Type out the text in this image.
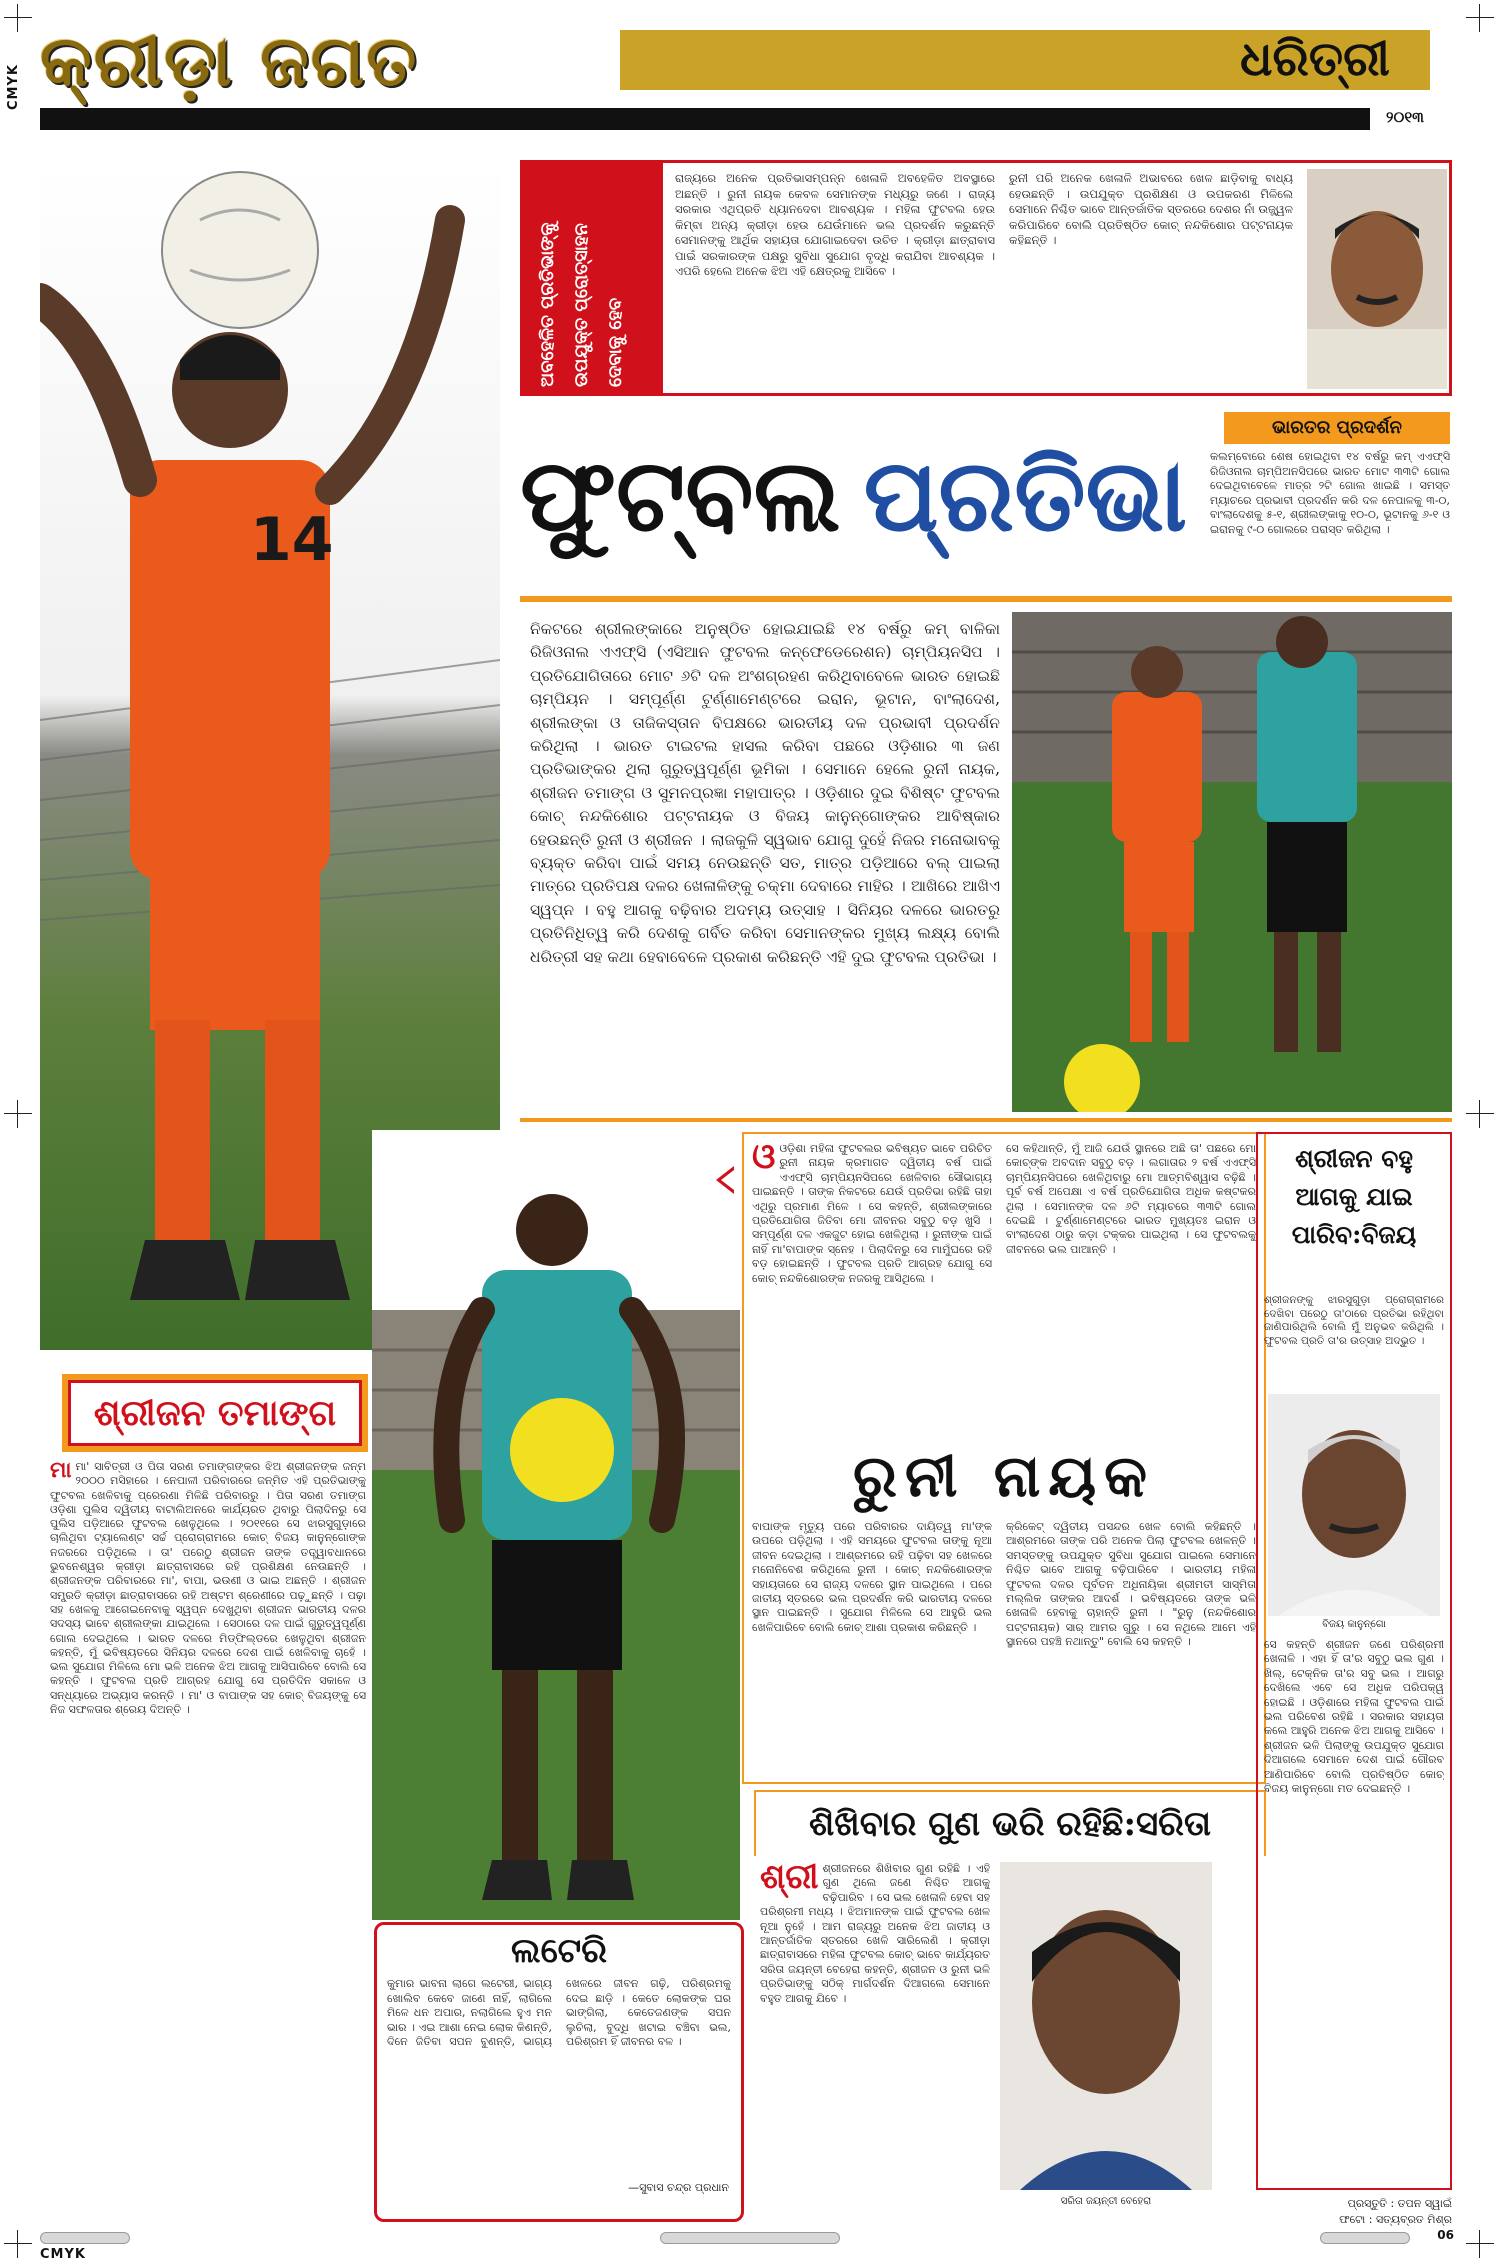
CMYK
CMYK
କ୍ରୀଡ଼ା ଜଗତ	ଧରିତ୍ରୀ
୨୦୧୩
14
ଅବହେଳିତ ପ୍ରତିଭାଙ୍କୁ ଉପଯୁକ୍ତ ପ୍ରୋତ୍ସାହନ ଦେବାକୁ ହେବ
ରାଜ୍ୟରେ ଅନେକ ପ୍ରତିଭାସମ୍ପନ୍ନ ଖେଳାଳି ଅବହେଳିତ ଅବସ୍ଥାରେ ଅଛନ୍ତି । ରୁନୀ ନାୟକ କେବଳ ସେମାନଙ୍କ ମଧ୍ୟରୁ ଜଣେ । ରାଜ୍ୟ ସରକାର ଏଥିପ୍ରତି ଧ୍ୟାନଦେବା ଆବଶ୍ୟକ । ମହିଳା ଫୁଟବଲ ହେଉ କିମ୍ବା ଅନ୍ୟ କ୍ରୀଡ଼ା ହେଉ ଯେଉଁମାନେ ଭଲ ପ୍ରଦର୍ଶନ କରୁଛନ୍ତି ସେମାନଙ୍କୁ ଆର୍ଥିକ ସହାୟତା ଯୋଗାଇଦେବା ଉଚିତ । କ୍ରୀଡ଼ା ଛାତ୍ରାବାସ ପାଇଁ ସରକାରଙ୍କ ପକ୍ଷରୁ ସୁବିଧା ସୁଯୋଗ ବୃଦ୍ଧି କରାଯିବା ଆବଶ୍ୟକ । ଏପରି ହେଲେ ଅନେକ ଝିଅ ଏହି କ୍ଷେତ୍ରକୁ ଆସିବେ ।
ରୁନୀ ପରି ଅନେକ ଖେଳାଳି ଅଭାବରେ ଖେଳ ଛାଡ଼ିବାକୁ ବାଧ୍ୟ ହେଉଛନ୍ତି । ଉପଯୁକ୍ତ ପ୍ରଶିକ୍ଷଣ ଓ ଉପକରଣ ମିଳିଲେ ସେମାନେ ନିଶ୍ଚିତ ଭାବେ ଆନ୍ତର୍ଜାତିକ ସ୍ତରରେ ଦେଶର ନାଁ ଉଜ୍ଜ୍ୱଳ କରିପାରିବେ ବୋଲି ପ୍ରତିଷ୍ଠିତ କୋଚ୍ ନନ୍ଦକିଶୋର ପଟ୍ଟନାୟକ କହିଛନ୍ତି ।
ଫୁଟ୍‌ବଲ ପ୍ରତିଭା
ଭାରତର ପ୍ରଦର୍ଶନ
କଲମ୍ବୋରେ ଶେଷ ହୋଇଥିବା ୧୪ ବର୍ଷରୁ କମ୍ ଏଏଫ୍‌ସି ରିଜିଓନାଲ ଚାମ୍ପିଅନସିପରେ ଭାରତ ମୋଟ ୩୩ଟି ଗୋଲ ଦେଇଥିବାବେଳେ ମାତ୍ର ୨ଟି ଗୋଲ ଖାଇଛି । ସମସ୍ତ ମ୍ୟାଚରେ ପ୍ରଭାବୀ ପ୍ରଦର୍ଶନ କରି ଦଳ ନେପାଳକୁ ୩-୦, ବାଂଲାଦେଶକୁ ୫-୧, ଶ୍ରୀଲଙ୍କାକୁ ୧୦-୦, ଭୂଟାନକୁ ୬-୧ ଓ ଇରାନକୁ ୯-୦ ଗୋଲରେ ପରାସ୍ତ କରିଥିଲା ।
ନିକଟରେ ଶ୍ରୀଲଙ୍କାରେ ଅନୁଷ୍ଠିତ ହୋଇଯାଇଛି ୧୪ ବର୍ଷରୁ କମ୍ ବାଳିକା ରିଜିଓନାଲ ଏଏଫ୍‌ସି (ଏସିଆନ ଫୁଟବଲ କନ୍‌ଫେଡେରେଶନ) ଚାମ୍ପିୟନସିପ । ପ୍ରତିଯୋଗିତାରେ ମୋଟ ୬ଟି ଦଳ ଅଂଶଗ୍ରହଣ କରିଥିବାବେଳେ ଭାରତ ହୋଇଛି ଚାମ୍ପିୟନ । ସମ୍ପୂର୍ଣ୍ଣ ଟୁର୍ଣ୍ଣାମେଣ୍ଟରେ ଇରାନ, ଭୂଟାନ, ବାଂଲାଦେଶ, ଶ୍ରୀଲଙ୍କା ଓ ତାଜିକସ୍ତାନ ବିପକ୍ଷରେ ଭାରତୀୟ ଦଳ ପ୍ରଭାବୀ ପ୍ରଦର୍ଶନ କରିଥିଲା । ଭାରତ ଟାଇଟଲ ହାସଲ କରିବା ପଛରେ ଓଡ଼ିଶାର ୩ ଜଣ ପ୍ରତିଭାଙ୍କର ଥିଲା ଗୁରୁତ୍ୱପୂର୍ଣ୍ଣ ଭୂମିକା । ସେମାନେ ହେଲେ ରୁନୀ ନାୟକ, ଶ୍ରୀଜନ ତମାଙ୍ଗ ଓ ସୁମନପ୍ରଜ୍ଞା ମହାପାତ୍ର । ଓଡ଼ିଶାର ଦୁଇ ବିଶିଷ୍ଟ ଫୁଟବଲ କୋଚ୍ ନନ୍ଦକିଶୋର ପଟ୍ଟନାୟକ ଓ ବିଜୟ କାନୁନ୍‌ଗୋଙ୍କର ଆବିଷ୍କାର ହେଉଛନ୍ତି ରୁନୀ ଓ ଶ୍ରୀଜନ । ଲାଜକୁଳି ସ୍ୱଭାବ ଯୋଗୁ ଦୁହେଁ ନିଜର ମନୋଭାବକୁ ବ୍ୟକ୍ତ କରିବା ପାଇଁ ସମୟ ନେଉଛନ୍ତି ସତ, ମାତ୍ର ପଡ଼ିଆରେ ବଲ୍ ପାଇଲା ମାତ୍ରେ ପ୍ରତିପକ୍ଷ ଦଳର ଖେଳାଳିଙ୍କୁ ଚକ୍‌ମା ଦେବାରେ ମାହିର । ଆଖିରେ ଆଖିଏ ସ୍ୱପ୍ନ । ବହୁ ଆଗକୁ ବଢ଼ିବାର ଅଦମ୍ୟ ଉତ୍ସାହ । ସିନିୟର ଦଳରେ ଭାରତରୁ ପ୍ରତିନିଧିତ୍ୱ କରି ଦେଶକୁ ଗର୍ବିତ କରିବା ସେମାନଙ୍କର ମୁଖ୍ୟ ଲକ୍ଷ୍ୟ ବୋଲି ଧରିତ୍ରୀ ସହ କଥା ହେବାବେଳେ ପ୍ରକାଶ କରିଛନ୍ତି ଏହି ଦୁଇ ଫୁଟବଲ ପ୍ରତିଭା ।
ଓଓଡ଼ିଶା ମହିଳା ଫୁଟବଲର ଭବିଷ୍ୟତ ଭାବେ ପରିଚିତ ରୁନୀ ନାୟକ କ୍ରମାଗତ ଦ୍ୱିତୀୟ ବର୍ଷ ପାଇଁ ଏଏଫ୍‌ସି ଚାମ୍ପିୟନସିପରେ ଖେଳିବାର ସୌଭାଗ୍ୟ ପାଇଛନ୍ତି । ତାଙ୍କ ନିକଟରେ ଯେଉଁ ପ୍ରତିଭା ରହିଛି ତାହା ଏଥିରୁ ପ୍ରମାଣ ମିଳେ । ସେ କହନ୍ତି, ଶ୍ରୀଲଙ୍କାରେ ପ୍ରତିଯୋଗିତା ଜିତିବା ମୋ ଜୀବନର ସବୁଠୁ ବଡ଼ ଖୁସି । ସମ୍ପୂର୍ଣ୍ଣ ଦଳ ଏକଜୁଟ ହୋଇ ଖେଳିଥିଲା । ରୁନୀଙ୍କ ପାଇଁ ନାହିଁ ମା'ବାପାଙ୍କ ସ୍ନେହ । ପିଲାଦିନରୁ ସେ ମାମୁଁଘରେ ରହି ବଡ଼ ହୋଇଛନ୍ତି । ଫୁଟବଲ ପ୍ରତି ଆଗ୍ରହ ଯୋଗୁ ସେ କୋଚ୍ ନନ୍ଦକିଶୋରଙ୍କ ନଜରକୁ ଆସିଥିଲେ ।
ସେ କହିଥାନ୍ତି, ମୁଁ ଆଜି ଯେଉଁ ସ୍ଥାନରେ ଅଛି ତା' ପଛରେ ମୋ କୋଚ୍‌ଙ୍କ ଅବଦାନ ସବୁଠୁ ବଡ଼ । ଲଗାତାର ୨ ବର୍ଷ ଏଏଫ୍‌ସି ଚାମ୍ପିୟନସିପରେ ଖେଳିଥିବାରୁ ମୋ ଆତ୍ମବିଶ୍ୱାସ ବଢ଼ିଛି । ପୂର୍ବ ବର୍ଷ ଅପେକ୍ଷା ଏ ବର୍ଷ ପ୍ରତିଯୋଗିତା ଅଧିକ କଷ୍ଟକର ଥିଲା । ସେମାନଙ୍କ ଦଳ ୬ଟି ମ୍ୟାଚରେ ୩୩ଟି ଗୋଲ ଦେଇଛି । ଟୁର୍ଣ୍ଣାମେଣ୍ଟରେ ଭାରତ ମୁଖ୍ୟତଃ ଇରାନ ଓ ବାଂଲାଦେଶ ଠାରୁ କଡ଼ା ଟକ୍କର ପାଇଥିଲା । ସେ ଫୁଟବଲକୁ ଜୀବନରେ ଭଲ ପାଆନ୍ତି ।
ରୁନୀ ନାୟକ
ବାପାଙ୍କ ମୃତ୍ୟୁ ପରେ ପରିବାରର ଦାୟିତ୍ୱ ମା'ଙ୍କ ଉପରେ ପଡ଼ିଥିଲା । ଏହି ସମୟରେ ଫୁଟବଲ ତାଙ୍କୁ ନୂଆ ଜୀବନ ଦେଇଥିଲା । ଆଶ୍ରମରେ ରହି ପଢ଼ିବା ସହ ଖେଳରେ ମନୋନିବେଶ କରିଥିଲେ ରୁନୀ । କୋଚ୍ ନନ୍ଦକିଶୋରଙ୍କ ସହାୟତାରେ ସେ ରାଜ୍ୟ ଦଳରେ ସ୍ଥାନ ପାଇଥିଲେ । ପରେ ଜାତୀୟ ସ୍ତରରେ ଭଲ ପ୍ରଦର୍ଶନ କରି ଭାରତୀୟ ଦଳରେ ସ୍ଥାନ ପାଇଛନ୍ତି । ସୁଯୋଗ ମିଳିଲେ ସେ ଆହୁରି ଭଲ ଖେଳିପାରିବେ ବୋଲି କୋଚ୍ ଆଶା ପ୍ରକାଶ କରିଛନ୍ତି ।
କ୍ରିକେଟ୍ ଦ୍ୱିତୀୟ ପସନ୍ଦର ଖେଳ ବୋଲି କହିଛନ୍ତି । ଆଶ୍ରମରେ ତାଙ୍କ ପରି ଅନେକ ପିଲା ଫୁଟବଲ ଖେଳନ୍ତି । ସମସ୍ତଙ୍କୁ ଉପଯୁକ୍ତ ସୁବିଧା ସୁଯୋଗ ପାଇଲେ ସେମାନେ ନିଶ୍ଚିତ ଭାବେ ଆଗକୁ ବଢ଼ିପାରିବେ । ଭାରତୀୟ ମହିଳା ଫୁଟବଲ ଦଳର ପୂର୍ବତନ ଅଧିନାୟିକା ଶ୍ରୀମତୀ ସାସ୍ମିତା ମଲ୍ଲିକ ତାଙ୍କର ଆଦର୍ଶ । ଭବିଷ୍ୟତରେ ତାଙ୍କ ଭଳି ଖେଳାଳି ହେବାକୁ ଚାହାନ୍ତି ରୁନୀ । "ରୁନୁ (ନନ୍ଦକିଶୋର ପଟ୍ଟନାୟକ) ସାର୍ ଆମର ଗୁରୁ । ସେ ନଥିଲେ ଆମେ ଏହି ସ୍ଥାନରେ ପହଞ୍ଚି ନଥାନ୍ତୁ" ବୋଲି ସେ କହନ୍ତି ।
ଶ୍ରୀଜନ ତମାଙ୍ଗ
ମାମା' ସାବିତ୍ରୀ ଓ ପିତା ସରଣ ତମାଙ୍ଗଙ୍କର ଝିଅ ଶ୍ରୀଜନଙ୍କ ଜନ୍ମ ୨୦୦୦ ମସିହାରେ । ନେପାଳୀ ପରିବାରରେ ଜନ୍ମିତ ଏହି ପ୍ରତିଭାଙ୍କୁ ଫୁଟବଲ ଖେଳିବାକୁ ପ୍ରେରଣା ମିଳିଛି ପରିବାରରୁ । ପିତା ସରଣ ତମାଙ୍ଗ ଓଡ଼ିଶା ପୁଲିସ ଦ୍ୱିତୀୟ ବାଟାଲିଅନରେ କାର୍ଯ୍ୟରତ ଥିବାରୁ ପିଲାଦିନରୁ ସେ ପୁଲିସ ପଡ଼ିଆରେ ଫୁଟବଲ ଖେଳୁଥିଲେ । ୨୦୧୧ରେ ସେ ଝାରସୁଗୁଡ଼ାରେ ଚାଲିଥିବା ଟ୍ୟାଲେଣ୍ଟ ସର୍ଚ୍ଚ ପ୍ରୋଗ୍ରାମରେ କୋଚ୍ ବିଜୟ କାନୁନ୍‌ଗୋଙ୍କ ନଜରରେ ପଡ଼ିଥିଲେ । ତା' ପରେଠୁ ଶ୍ରୀଜନ ତାଙ୍କ ତତ୍ତ୍ୱାବଧାନରେ ଭୁବନେଶ୍ୱର କ୍ରୀଡ଼ା ଛାତ୍ରାବାସରେ ରହି ପ୍ରଶିକ୍ଷଣ ନେଉଛନ୍ତି । ଶ୍ରୀଜନଙ୍କ ପରିବାରରେ ମା', ବାପା, ଭଉଣୀ ଓ ଭାଇ ଅଛନ୍ତି । ଶ୍ରୀଜନ ସମ୍ପ୍ରତି କ୍ରୀଡ଼ା ଛାତ୍ରାବାସରେ ରହି ଅଷ୍ଟମ ଶ୍ରେଣୀରେ ପଢ଼ୁଛନ୍ତି । ପଢ଼ା ସହ ଖେଳକୁ ଆଗେଇନେବାକୁ ସ୍ୱପ୍ନ ଦେଖୁଥିବା ଶ୍ରୀଜନ ଭାରତୀୟ ଦଳର ସଦସ୍ୟ ଭାବେ ଶ୍ରୀଲଙ୍କା ଯାଇଥିଲେ । ସେଠାରେ ଦଳ ପାଇଁ ଗୁରୁତ୍ୱପୂର୍ଣ୍ଣ ଗୋଲ ଦେଇଥିଲେ । ଭାରତ ଦଳରେ ମିଡ୍‌ଫିଲ୍ଡରେ ଖେଳୁଥିବା ଶ୍ରୀଜନ କହନ୍ତି, ମୁଁ ଭବିଷ୍ୟତରେ ସିନିୟର ଦଳରେ ଦେଶ ପାଇଁ ଖେଳିବାକୁ ଚାହେଁ । ଭଲ ସୁଯୋଗ ମିଳିଲେ ମୋ ଭଳି ଅନେକ ଝିଅ ଆଗକୁ ଆସିପାରିବେ ବୋଲି ସେ କହନ୍ତି । ଫୁଟବଲ ପ୍ରତି ଆଗ୍ରହ ଯୋଗୁ ସେ ପ୍ରତିଦିନ ସକାଳେ ଓ ସନ୍ଧ୍ୟାରେ ଅଭ୍ୟାସ କରନ୍ତି । ମା' ଓ ବାପାଙ୍କ ସହ କୋଚ୍ ବିଜୟଙ୍କୁ ସେ ନିଜ ସଫଳତାର ଶ୍ରେୟ ଦିଅନ୍ତି ।
ଲଟେରି
କୁମାର ଭାବନା ଲାଗେ ଲଟେରୀ, ଭାଗ୍ୟ ଖୋଲିବ କେବେ ଜାଣେ ନାହିଁ, ଲାଗିଲେ ମିଳେ ଧନ ଅପାର, ନଲାଗିଲେ ହୁଏ ମନ ଭାର । ଏଇ ଆଶା ନେଇ ଲୋକ କିଣନ୍ତି, ଦିନେ ଜିତିବା ସପନ ବୁଣନ୍ତି, ଭାଗ୍ୟ ଖେଳରେ ଜୀବନ ଗଢ଼ି, ପରିଶ୍ରମକୁ ଦେଇ ଛାଡ଼ି । କେତେ ଲୋକଙ୍କ ଘର ଭାଙ୍ଗିଲା, କେତେଜଣଙ୍କ ସପନ ଲୁଚିଲା, ବୁଦ୍ଧି ଖଟାଇ ବଞ୍ଚିବା ଭଲ, ପରିଶ୍ରମ ହିଁ ଜୀବନର ବଳ ।
—ସୁବାସ ଚନ୍ଦ୍ର ପ୍ରଧାନ
ଶିଖିବାର ଗୁଣ ଭରି ରହିଛି:ସରିତା
ଶ୍ରୀ ଶ୍ରୀଜନରେ ଶିଖିବାର ଗୁଣ ରହିଛି । ଏହି ଗୁଣ ଥିଲେ ଜଣେ ନିଶ୍ଚିତ ଆଗକୁ ବଢ଼ିପାରିବ । ସେ ଭଲ ଖେଳାଳି ହେବା ସହ ପରିଶ୍ରମୀ ମଧ୍ୟ । ଝିଅମାନଙ୍କ ପାଇଁ ଫୁଟବଲ ଖେଳ ନୂଆ ନୁହେଁ । ଆମ ରାଜ୍ୟରୁ ଅନେକ ଝିଅ ଜାତୀୟ ଓ ଆନ୍ତର୍ଜାତିକ ସ୍ତରରେ ଖେଳି ସାରିଲେଣି । କ୍ରୀଡ଼ା ଛାତ୍ରାବାସରେ ମହିଳା ଫୁଟବଲ କୋଚ୍ ଭାବେ କାର୍ଯ୍ୟରତ ସରିତା ଜୟନ୍ତୀ ବେହେରା କହନ୍ତି, ଶ୍ରୀଜନ ଓ ରୁନୀ ଭଳି ପ୍ରତିଭାଙ୍କୁ ସଠିକ୍ ମାର୍ଗଦର୍ଶନ ଦିଆଗଲେ ସେମାନେ ବହୁତ ଆଗକୁ ଯିବେ ।
ସରିତା ଜୟନ୍ତୀ ବେହେରା
ଶ୍ରୀଜନ ବହୁ ଆଗକୁ ଯାଇ ପାରିବ:ବିଜୟ
ଶ୍ରୀଜନଙ୍କୁ ଝାରସୁଗୁଡ଼ା ପ୍ରୋଗ୍ରାମରେ ଦେଖିବା ପରେଠୁ ତା'ଠାରେ ପ୍ରତିଭା ରହିଥିବା ଜାଣିପାରିଥିଲି ବୋଲି ମୁଁ ଅନୁଭବ କରିଥିଲି । ଫୁଟବଲ ପ୍ରତି ତା'ର ଉତ୍ସାହ ଅଦ୍ଭୁତ ।
ବିଜୟ କାନୁନ୍‌ଗୋ
ସେ କହନ୍ତି ଶ୍ରୀଜନ ଜଣେ ପରିଶ୍ରମୀ ଖେଳାଳି । ଏହା ହିଁ ତା'ର ସବୁଠୁ ଭଲ ଗୁଣ । ଖିଲ୍, ଟେକ୍‌ନିକ ତା'ର ସବୁ ଭଲ । ଆଗରୁ ଦେଖିଲେ ଏବେ ସେ ଅଧିକ ପରିପକ୍ୱ ହୋଇଛି । ଓଡ଼ିଶାରେ ମହିଳା ଫୁଟବଲ ପାଇଁ ଭଲ ପରିବେଶ ରହିଛି । ସରକାର ସହାୟତା କଲେ ଆହୁରି ଅନେକ ଝିଅ ଆଗକୁ ଆସିବେ । ଶ୍ରୀଜନ ଭଳି ପିଲାଙ୍କୁ ଉପଯୁକ୍ତ ସୁଯୋଗ ଦିଆଗଲେ ସେମାନେ ଦେଶ ପାଇଁ ଗୌରବ ଆଣିପାରିବେ ବୋଲି ପ୍ରତିଷ୍ଠିତ କୋଚ୍ ବିଜୟ କାନୁନ୍‌ଗୋ ମତ ଦେଇଛନ୍ତି ।
ପ୍ରସ୍ତୁତି : ତପନ ସ୍ୱାଇଁ
ଫଟୋ : ସତ୍ୟବ୍ରତ ମିଶ୍ର
06
